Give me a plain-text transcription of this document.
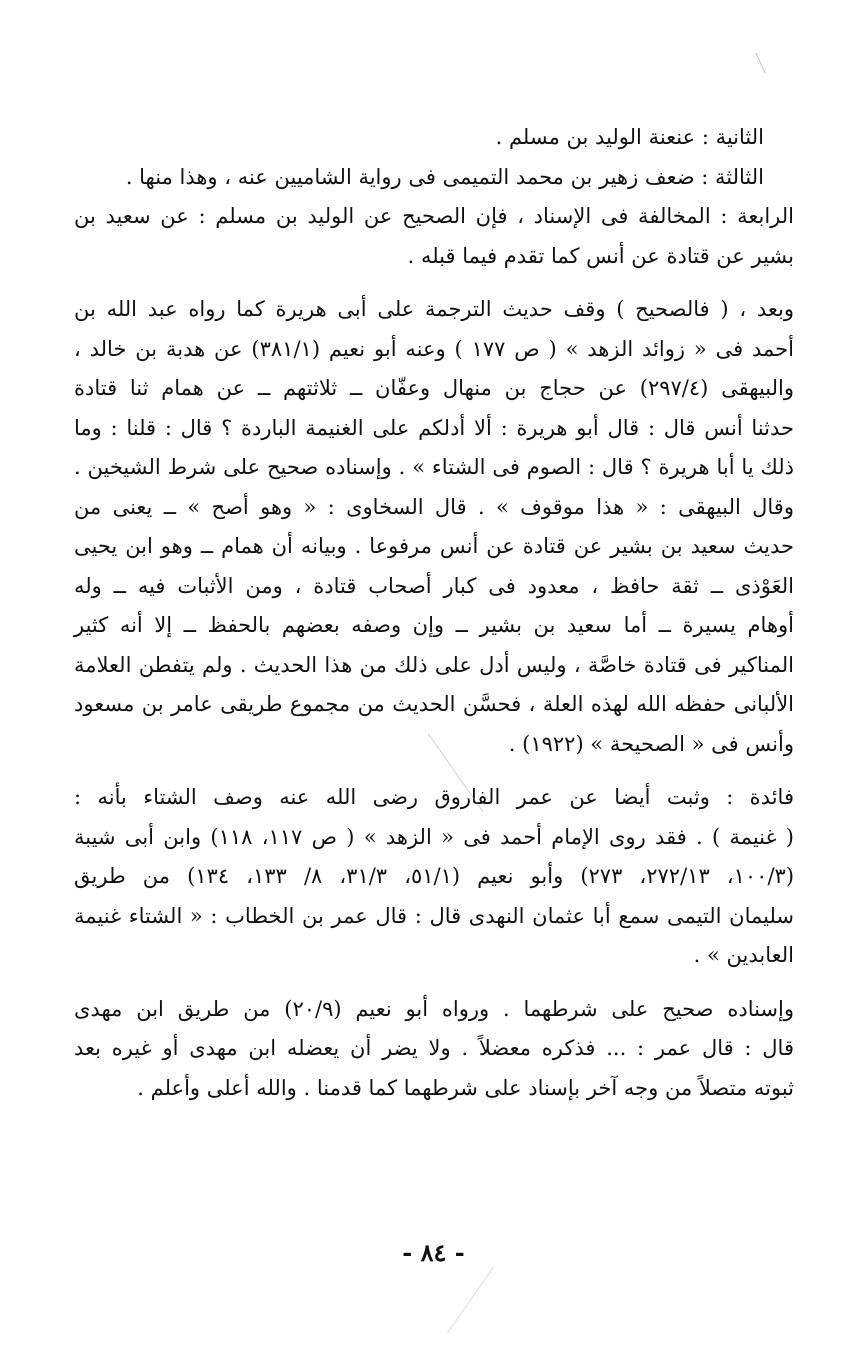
الثانية : عنعنة الوليد بن مسلم .

الثالثة : ضعف زهير بن محمد التميمى فى رواية الشاميين عنه ، وهذا منها .

الرابعة : المخالفة فى الإسناد ، فإن الصحيح عن الوليد بن مسلم : عن سعيد بن
بشير عن قتادة عن أنس كما تقدم فيما قبله .

وبعد ، ( فالصحيح ) وقف حديث الترجمة على أبى هريرة كما رواه عبد الله بن
أحمد فى « زوائد الزهد » ( ص ١٧٧ ) وعنه أبو نعيم (٣٨١/١) عن هدبة بن خالد ،
والبيهقى (٢٩٧/٤) عن حجاج بن منهال وعفّان ــ ثلاثتهم ــ عن همام ثنا قتادة
حدثنا أنس قال : قال أبو هريرة : ألا أدلكم على الغنيمة الباردة ؟ قال : قلنا : وما
ذلك يا أبا هريرة ؟ قال : الصوم فى الشتاء » . وإسناده صحيح على شرط الشيخين .
وقال البيهقى : « هذا موقوف » . قال السخاوى : « وهو أصح » ــ يعنى من
حديث سعيد بن بشير عن قتادة عن أنس مرفوعا . وبيانه أن همام ــ وهو ابن يحيى
العَوْذى ــ ثقة حافظ ، معدود فى كبار أصحاب قتادة ، ومن الأثبات فيه ــ وله
أوهام يسيرة ــ أما سعيد بن بشير ــ وإن وصفه بعضهم بالحفظ ــ إلا أنه كثير
المناكير فى قتادة خاصَّة ، وليس أدل على ذلك من هذا الحديث . ولم يتفطن العلامة
الألبانى حفظه الله لهذه العلة ، فحسَّن الحديث من مجموع طريقى عامر بن مسعود
وأنس فى « الصحيحة » (١٩٢٢) .

فائدة : وثبت أيضا عن عمر الفاروق رضى الله عنه وصف الشتاء بأنه :
( غنيمة ) . فقد روى الإمام أحمد فى « الزهد » ( ص ١١٧، ١١٨) وابن أبى شيبة
(١٠٠/٣، ٢٧٢/١٣، ٢٧٣) وأبو نعيم (٥١/١، ٣١/٣، ٨/ ١٣٣، ١٣٤) من طريق
سليمان التيمى سمع أبا عثمان النهدى قال : قال عمر بن الخطاب : « الشتاء غنيمة
العابدين » .

وإسناده صحيح على شرطهما . ورواه أبو نعيم (٢٠/٩) من طريق ابن مهدى
قال : قال عمر : ... فذكره معضلاً . ولا يضر أن يعضله ابن مهدى أو غيره بعد
ثبوته متصلاً من وجه آخر بإسناد على شرطهما كما قدمنا . والله أعلى وأعلم .

- ٨٤ -
